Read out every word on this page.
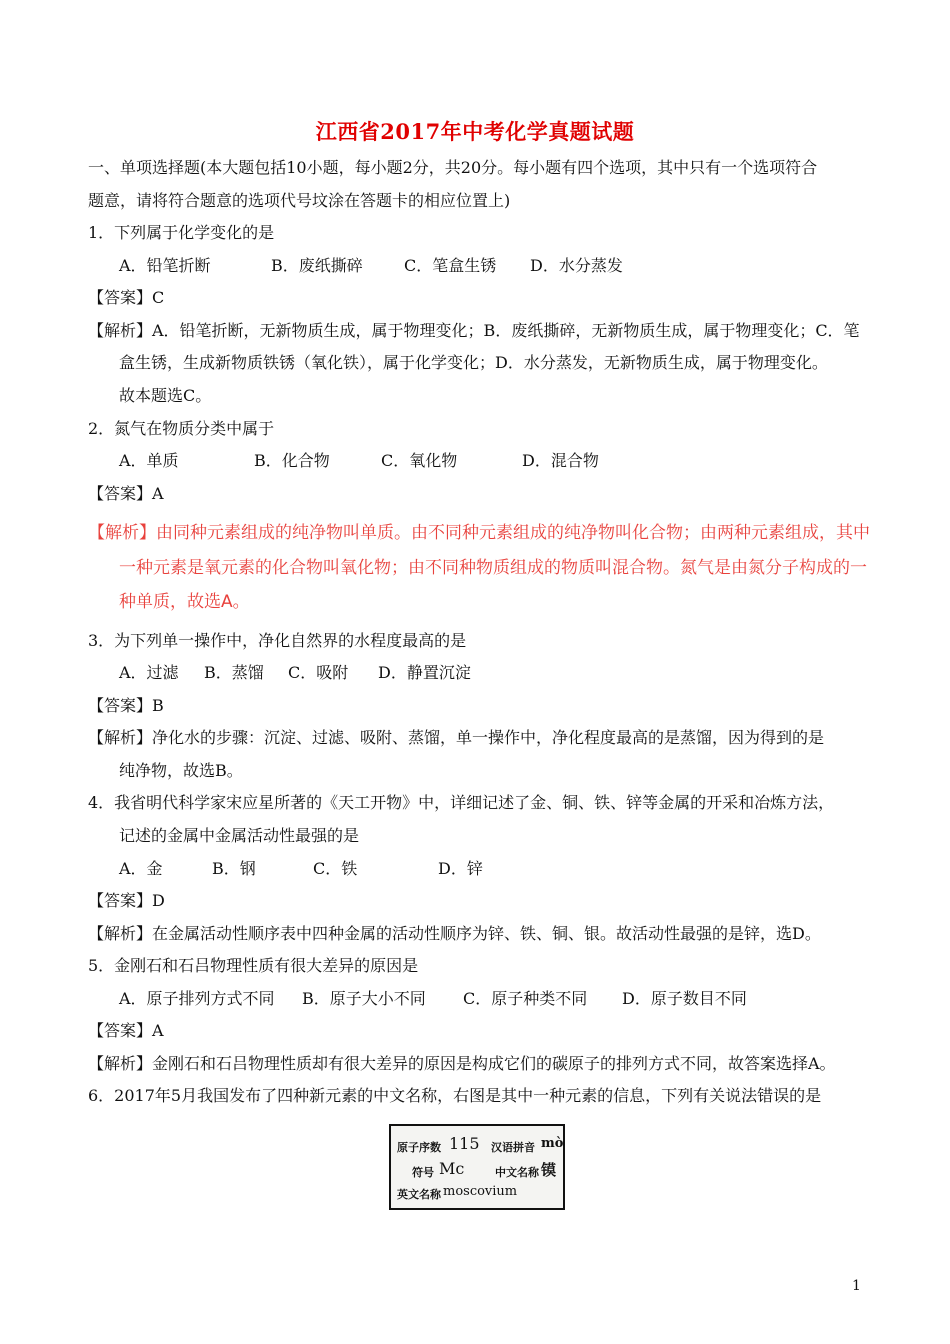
江西省2017年中考化学真题试题
一、单项选择题(本大题包括10小题，每小题2分，共20分。每小题有四个选项，其中只有一个选项符合
题意，请将符合题意的选项代号坟涂在答题卡的相应位置上)
1．下列属于化学变化的是
A．铅笔折断	B．废纸撕碎	C．笔盒生锈 D．水分蒸发
【答案】C
【解析】A．铅笔折断，无新物质生成，属于物理变化；B．废纸撕碎，无新物质生成，属于物理变化；C．笔
盒生锈，生成新物质铁锈（氧化铁），属于化学变化；D．水分蒸发，无新物质生成，属于物理变化。
故本题选C。
2．氮气在物质分类中属于
A．单质	B．化合物	C．氧化物	D．混合物
【答案】A
【解析】由同种元素组成的纯净物叫单质。由不同种元素组成的纯净物叫化合物；由两种元素组成，其中
一种元素是氧元素的化合物叫氧化物；由不同种物质组成的物质叫混合物。氮气是由氮分子构成的一
种单质，故选A。
3．为下列单一操作中，净化自然界的水程度最高的是
A．过滤 B．蒸馏 C．吸附 D．静置沉淀
【答案】B
【解析】净化水的步骤：沉淀、过滤、吸附、蒸馏，单一操作中，净化程度最高的是蒸馏，因为得到的是
纯净物，故选B。
4．我省明代科学家宋应星所著的《天工开物》中，详细记述了金、铜、铁、锌等金属的开采和冶炼方法，
记述的金属中金属活动性最强的是
A．金	B．钢	C．铁	D．锌
【答案】D
【解析】在金属活动性顺序表中四种金属的活动性顺序为锌、铁、铜、银。故活动性最强的是锌，选D。
5．金刚石和石吕物理性质有很大差异的原因是
A．原子排列方式不同 B．原子大小不同 C．原子种类不同 D．原子数目不同
【答案】A
【解析】金刚石和石吕物理性质却有很大差异的原因是构成它们的碳原子的排列方式不同，故答案选择A。
6．2017年5月我国发布了四种新元素的中文名称，右图是其中一种元素的信息，下列有关说法错误的是
原子序数 115 汉语拼音 mò
符号 Mc	中文名称 镆
英文名称 moscovium
1
